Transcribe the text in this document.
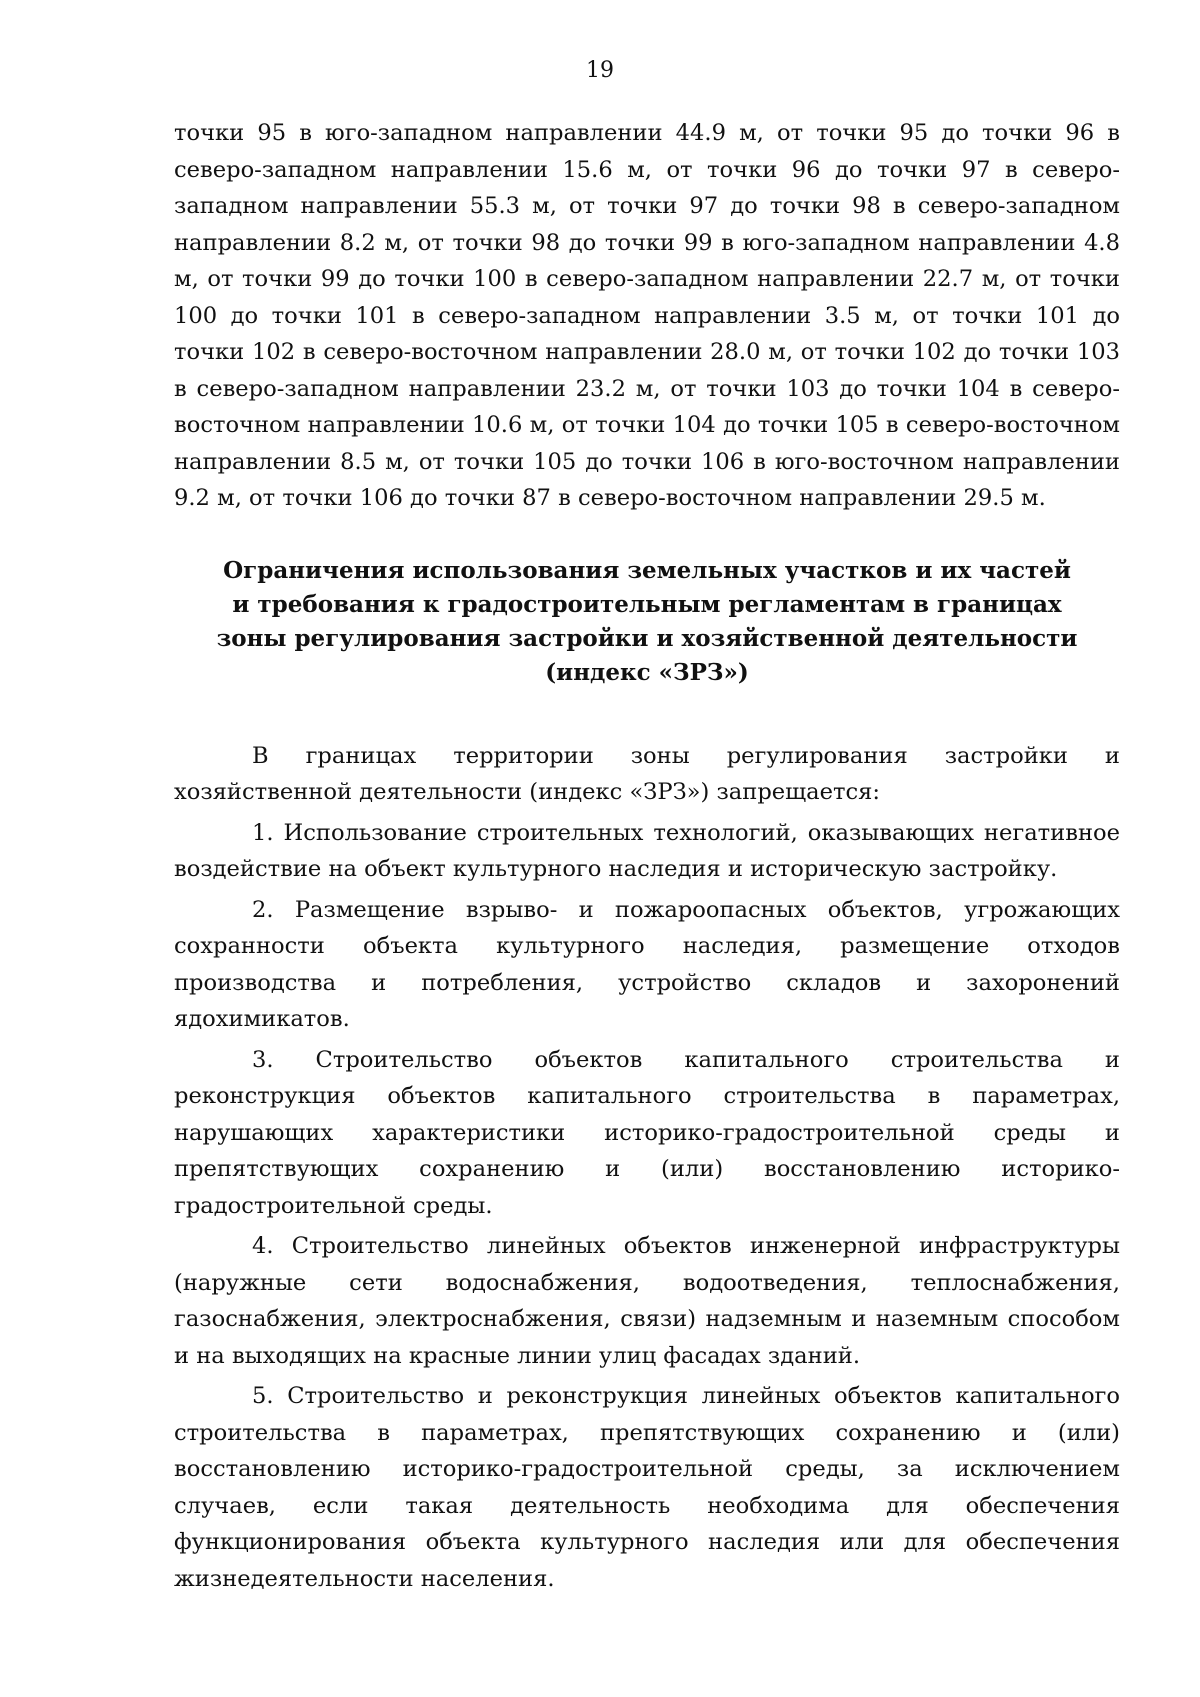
19

точки 95 в юго-западном направлении 44.9 м, от точки 95 до точки 96 в северо-западном направлении 15.6 м, от точки 96 до точки 97 в северо-западном направлении 55.3 м, от точки 97 до точки 98 в северо-западном направлении 8.2 м, от точки 98 до точки 99 в юго-западном направлении 4.8 м, от точки 99 до точки 100 в северо-западном направлении 22.7 м, от точки 100 до точки 101 в северо-западном направлении 3.5 м, от точки 101 до точки 102 в северо-восточном направлении 28.0 м, от точки 102 до точки 103 в северо-западном направлении 23.2 м, от точки 103 до точки 104 в северо-восточном направлении 10.6 м, от точки 104 до точки 105 в северо-восточном направлении 8.5 м, от точки 105 до точки 106 в юго-восточном направлении 9.2 м, от точки 106 до точки 87 в северо-восточном направлении 29.5 м.

Ограничения использования земельных участков и их частей
и требования к градостроительным регламентам в границах
зоны регулирования застройки и хозяйственной деятельности
(индекс «ЗРЗ»)

В границах территории зоны регулирования застройки и хозяйственной деятельности (индекс «ЗРЗ») запрещается:

1. Использование строительных технологий, оказывающих негативное воздействие на объект культурного наследия и историческую застройку.

2. Размещение взрыво- и пожароопасных объектов, угрожающих сохранности объекта культурного наследия, размещение отходов производства и потребления, устройство складов и захоронений ядохимикатов.

3. Строительство объектов капитального строительства и реконструкция объектов капитального строительства в параметрах, нарушающих характеристики историко-градостроительной среды и препятствующих сохранению и (или) восстановлению историко-градостроительной среды.

4. Строительство линейных объектов инженерной инфраструктуры (наружные сети водоснабжения, водоотведения, теплоснабжения, газоснабжения, электроснабжения, связи) надземным и наземным способом и на выходящих на красные линии улиц фасадах зданий.

5. Строительство и реконструкция линейных объектов капитального строительства в параметрах, препятствующих сохранению и (или) восстановлению историко-градостроительной среды, за исключением случаев, если такая деятельность необходима для обеспечения функционирования объекта культурного наследия или для обеспечения жизнедеятельности населения.
